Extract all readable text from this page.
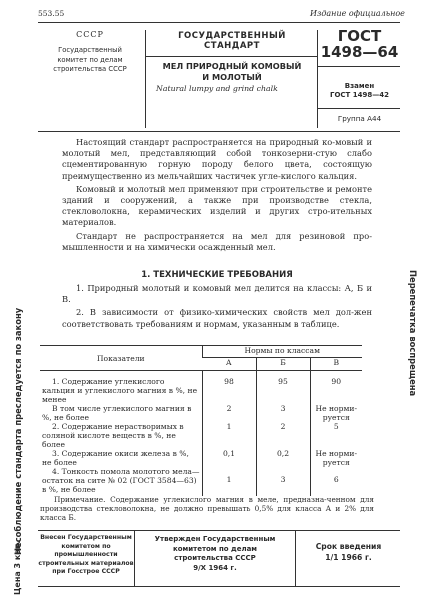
553.55	Издание официальное
СССР
Государственный
комитет по делам
строительства СССР
ГОСУДАРСТВЕННЫЙ
СТАНДАРТ
МЕЛ ПРИРОДНЫЙ КОМОВЫЙ
И МОЛОТЫЙ
Natural lumpy and grind chalk
ГОСТ
1498—64
Взамен
ГОСТ 1498—42
Группа А44

Настоящий стандарт распространяется на природный ко-мовый и молотый мел, представляющий собой тонкозерни-стую слабо сцементированную горную породу белого цвета, состоящую преимущественно из мельчайших частичек угле-кислого кальция.

Комовый и молотый мел применяют при строительстве и ремонте зданий и сооружений, а также при производстве стекла, стекловолокна, керамических изделий и других стро-ительных материалов.

Стандарт не распространяется на мел для резиновой про-мышленности и на химически осажденный мел.

1. ТЕХНИЧЕСКИЕ ТРЕБОВАНИЯ

1. Природный молотый и комовый мел делится на классы: А, Б и В.

2. В зависимости от физико-химических свойств мел дол-жен соответствовать требованиям и нормам, указанным в таблице.

Показатели	Нормы по классам		
	А	Б	В
1. Содержание углекислого кальция и углекислого магния в %, не менее	98	95	90
В том числе углекислого магния в %, не более	2	3	Не норми-руется
2. Содержание нерастворимых в соляной кислоте веществ в %, не более	1	2	5
3. Содержание окиси железа в %, не более	0,1	0,2	Не норми-руется
4. Тонкость помола молотого мела—остаток на сите № 02 (ГОСТ 3584—63) в %, не более	1	3	6
Примечание. Содержание углекислого магния в меле, предназна-ченном для производства стекловолокна, не должно превышать 0,5% для класса А и 2% для класса Б.
Внесен Государственным
комитетом по
промышленности
строительных материалов
при Госстрое СССР
Утвержден Государственным
комитетом по делам
строительства СССР
9/X 1964 г.
Срок введения
1/1 1966 г.
Несоблюдение стандарта преследуется по закону
Цена 3 коп.
Перепечатка воспрещена
